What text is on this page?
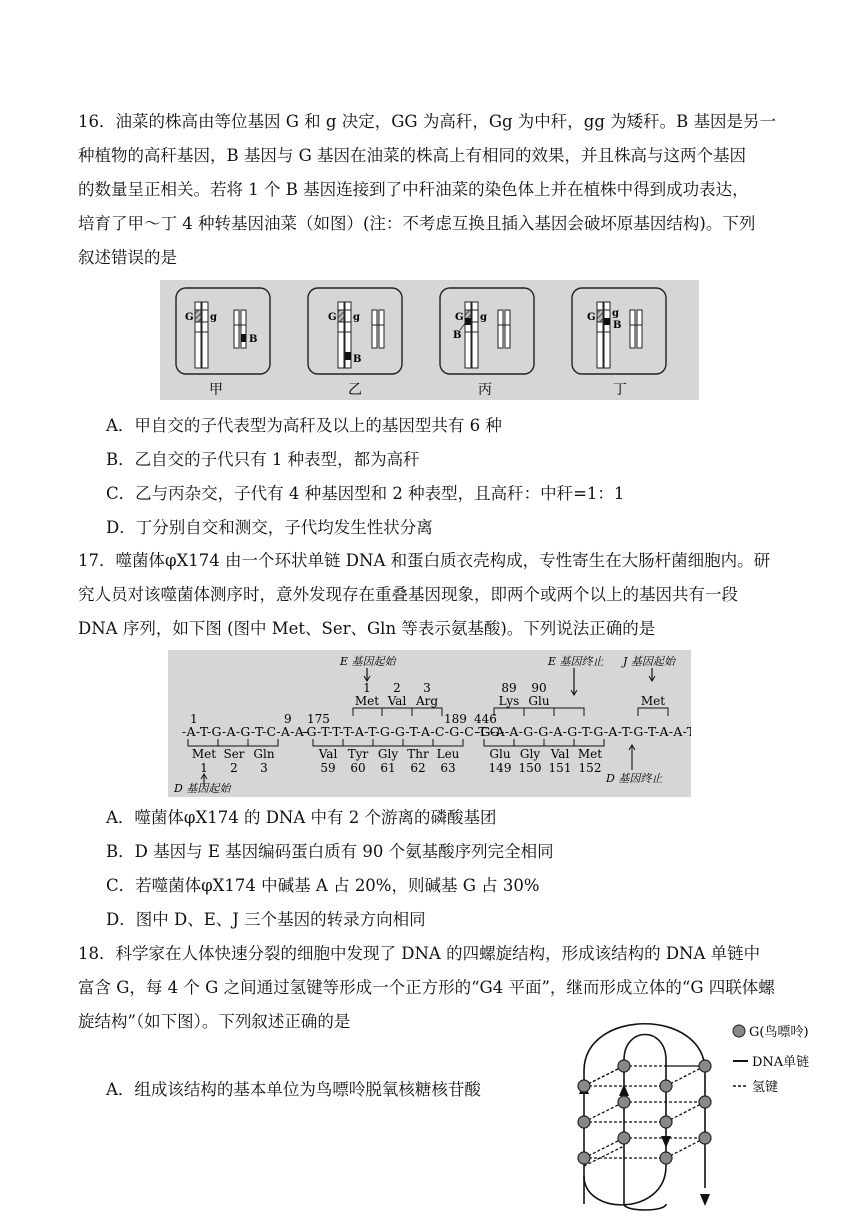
16．油菜的株高由等位基因 G 和 g 决定，GG 为高秆，Gg 为中秆，gg 为矮秆。B 基因是另一
种植物的高秆基因，B 基因与 G 基因在油菜的株高上有相同的效果，并且株高与这两个基因
的数量呈正相关。若将 1 个 B 基因连接到了中秆油菜的染色体上并在植株中得到成功表达，
培育了甲～丁 4 种转基因油菜（如图）(注：不考虑互换且插入基因会破坏原基因结构)。下列
叙述错误的是
G g
B
甲
G g
B
乙
G g
B
丙
G g
B
丁
A．甲自交的子代表型为高秆及以上的基因型共有 6 种
B．乙自交的子代只有 1 种表型，都为高秆
C．乙与丙杂交，子代有 4 种基因型和 2 种表型，且高秆：中秆=1：1
D．丁分别自交和测交，子代均发生性状分离
17．噬菌体φX174 由一个环状单链 DNA 和蛋白质衣壳构成，专性寄生在大肠杆菌细胞内。研
究人员对该噬菌体测序时，意外发现存在重叠基因现象，即两个或两个以上的基因共有一段
DNA 序列，如下图 (图中 Met、Ser、Gln 等表示氨基酸)。下列说法正确的是
E 基因起始	E 基因终止 J 基因起始
1 2 3
Met Val Arg
89 90
Lys Glu	Met
1	9 175	189 446
-A-T-G-A-G-T-C-A-A-
-G-T-T-T-A-T-G-G-T-A-C-G-C-T-G-
-G-A-A-G-G-A-G-T-G-A-T-G-T-A-A-T-G-
Met Ser Gln	Val Tyr Gly Thr Leu	Glu Gly Val Met
1 2 3	59 60 61 62 63	149 150 151 152
D 基因起始
D 基因终止
A．噬菌体φX174 的 DNA 中有 2 个游离的磷酸基团
B．D 基因与 E 基因编码蛋白质有 90 个氨基酸序列完全相同
C．若噬菌体φX174 中碱基 A 占 20%，则碱基 G 占 30%
D．图中 D、E、J 三个基因的转录方向相同
18．科学家在人体快速分裂的细胞中发现了 DNA 的四螺旋结构，形成该结构的 DNA 单链中
富含 G，每 4 个 G 之间通过氢键等形成一个正方形的“G4 平面”，继而形成立体的“G 四联体螺
旋结构”（如下图）。下列叙述正确的是
A．组成该结构的基本单位为鸟嘌呤脱氧核糖核苷酸
G(鸟嘌呤)
DNA单链
氢键
